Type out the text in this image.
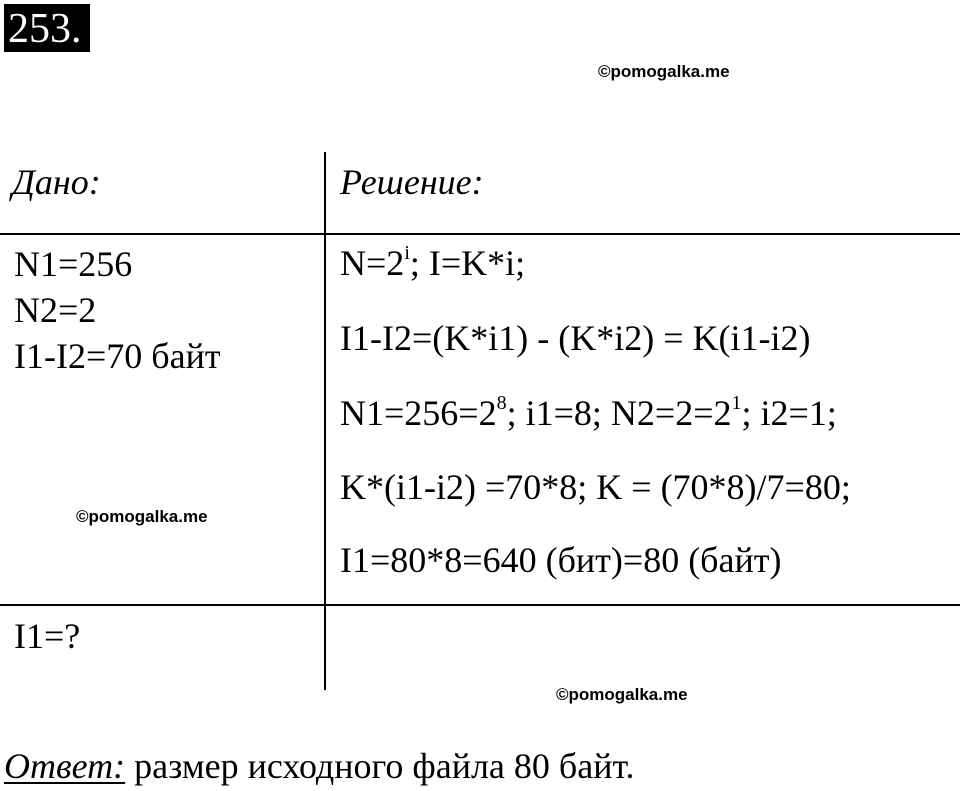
253.
©pomogalka.me
Дано:	Решение:
N1=256
N2=2
I1-I2=70 байт
©pomogalka.me
$N=2^i$; I=K*i;
I1-I2=(K*i1) - (K*i2) = K(i1-i2)
$N1=256=2^8$; i1=8; $N2=2=2^1$; i2=1;
K*(i1-i2) =70*8; K = (70*8)/7=80;
I1=80*8=640 (бит)=80 (байт)
I1=?
©pomogalka.me
Ответ: размер исходного файла 80 байт.
